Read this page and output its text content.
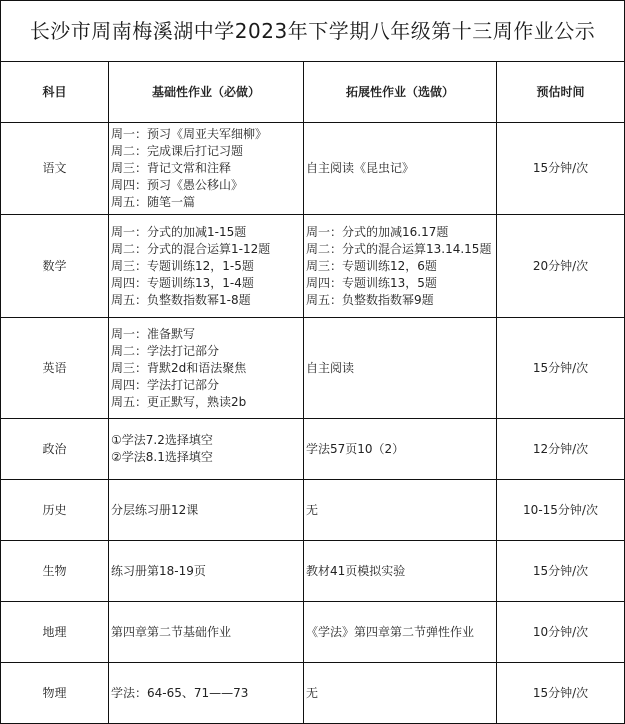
长沙市周南梅溪湖中学2023年下学期八年级第十三周作业公示			
科目	基础性作业（必做）	拓展性作业（选做）	预估时间
语文	周一：预习《周亚夫军细柳》
周二：完成课后打记习题
周三：背记文常和注释
周四：预习《愚公移山》
周五：随笔一篇	自主阅读《昆虫记》	15分钟/次
数学	周一：分式的加减1-15题
周二：分式的混合运算1-12题
周三：专题训练12，1-5题
周四：专题训练13，1-4题
周五：负整数指数幂1-8题	周一：分式的加减16.17题
周二：分式的混合运算13.14.15题
周三：专题训练12，6题
周四：专题训练13，5题
周五：负整数指数幂9题	20分钟/次
英语	周一：准备默写
周二：学法打记部分
周三：背默2d和语法聚焦
周四：学法打记部分
周五：更正默写，熟读2b	自主阅读	15分钟/次
政治	①学法7.2选择填空
②学法8.1选择填空	学法57页10（2）	12分钟/次
历史	分层练习册12课	无	10-15分钟/次
生物	练习册第18-19页	教材41页模拟实验	15分钟/次
地理	第四章第二节基础作业	《学法》第四章第二节弹性作业	10分钟/次
物理	学法：64-65、71——73	无	15分钟/次
